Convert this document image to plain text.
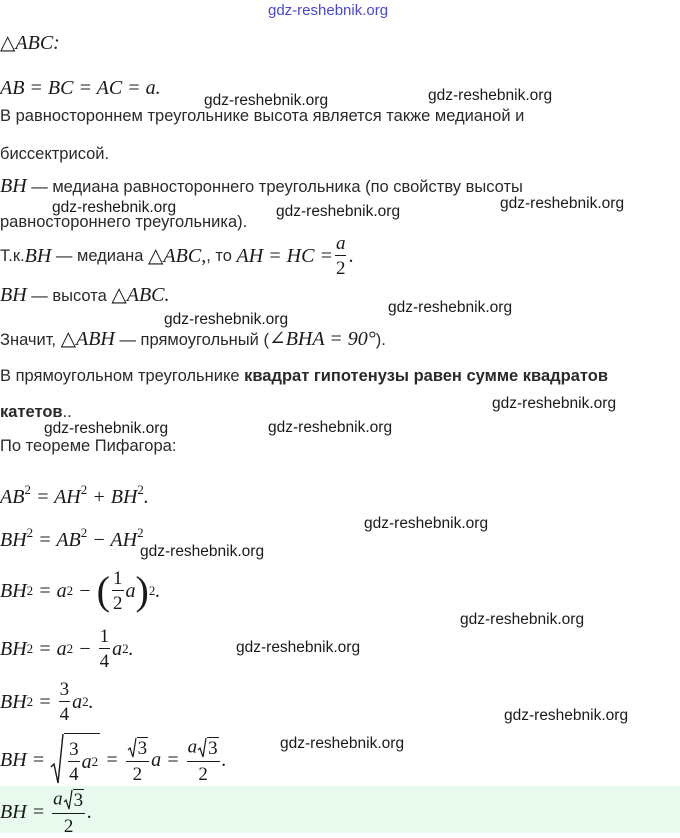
gdz-reshebnik.org
gdz-reshebnik.org	gdz-reshebnik.org
gdz-reshebnik.org	gdz-reshebnik.org	gdz-reshebnik.org
gdz-reshebnik.org
gdz-reshebnik.org
gdz-reshebnik.org
gdz-reshebnik.org	gdz-reshebnik.org
gdz-reshebnik.org
gdz-reshebnik.org
gdz-reshebnik.org
gdz-reshebnik.org
gdz-reshebnik.org
gdz-reshebnik.org
△ABC:
AB = BC = AC = a.
В равностороннем треугольнике высота является также медианой и
биссектрисой.
BH — медиана равностороннего треугольника (по свойству высоты
равностороннего треугольника).
Т.к. BH — медиана △ABC , , то AH = HC = $\frac{a}{2}$ .
BH — высота △ABC.
Значит, △ABH — прямоугольный (∠BHA = 90°).
В прямоугольном треугольнике квадрат гипотенузы равен сумме квадратов
катетов..
По теореме Пифагора:
$AB^2 = AH^2 + BH^2$.
$BH^2 = AB^2 - AH^2$
BH 2 = a 2 − ( $\frac{1}{2}$ a ) 2 .
BH 2 = a $2 - \frac{1}{4}$ a 2 .
BH $2 = \frac{3}{4}$ a 2 .
BH = $\frac{3}{4}$ a $2 = \frac{3}{2}$ $a = \frac{a 3}{2}$ .
BH = $\frac{a 3}{2}$ .
